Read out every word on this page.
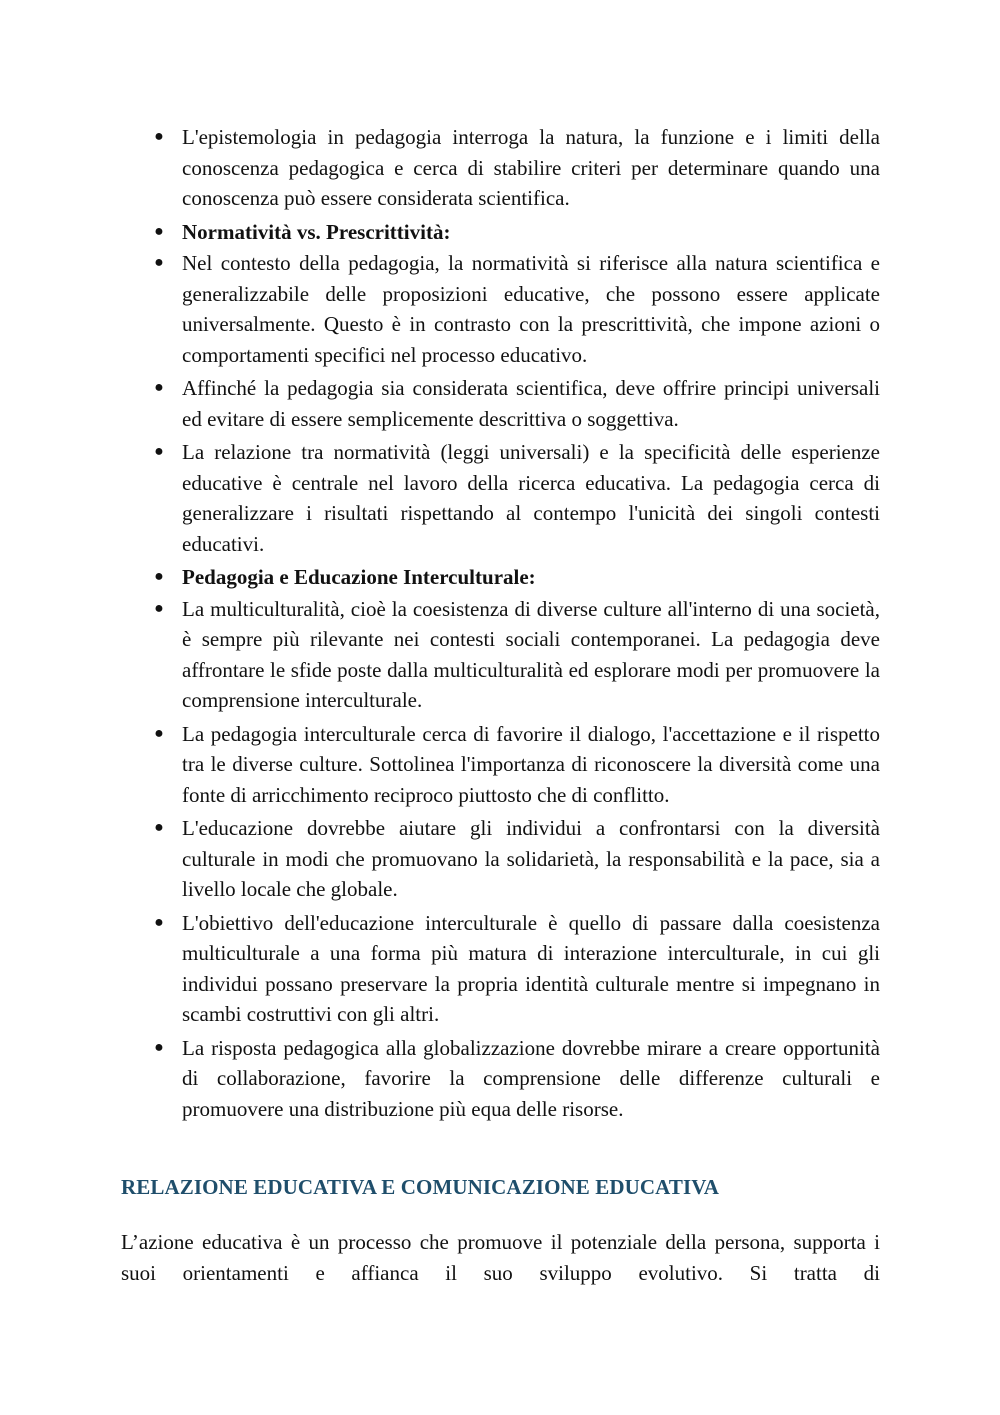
● L'epistemologia in pedagogia interroga la natura, la funzione e i limiti della conoscenza pedagogica e cerca di stabilire criteri per determinare quando una conoscenza può essere considerata scientifica.
● Normatività vs. Prescrittività:
● Nel contesto della pedagogia, la normatività si riferisce alla natura scientifica e generalizzabile delle proposizioni educative, che possono essere applicate universalmente. Questo è in contrasto con la prescrittività, che impone azioni o comportamenti specifici nel processo educativo.
● Affinché la pedagogia sia considerata scientifica, deve offrire principi universali ed evitare di essere semplicemente descrittiva o soggettiva.
● La relazione tra normatività (leggi universali) e la specificità delle esperienze educative è centrale nel lavoro della ricerca educativa. La pedagogia cerca di generalizzare i risultati rispettando al contempo l'unicità dei singoli contesti educativi.
● Pedagogia e Educazione Interculturale:
● La multiculturalità, cioè la coesistenza di diverse culture all'interno di una società, è sempre più rilevante nei contesti sociali contemporanei. La pedagogia deve affrontare le sfide poste dalla multiculturalità ed esplorare modi per promuovere la comprensione interculturale.
● La pedagogia interculturale cerca di favorire il dialogo, l'accettazione e il rispetto tra le diverse culture. Sottolinea l'importanza di riconoscere la diversità come una fonte di arricchimento reciproco piuttosto che di conflitto.
● L'educazione dovrebbe aiutare gli individui a confrontarsi con la diversità culturale in modi che promuovano la solidarietà, la responsabilità e la pace, sia a livello locale che globale.
● L'obiettivo dell'educazione interculturale è quello di passare dalla coesistenza multiculturale a una forma più matura di interazione interculturale, in cui gli individui possano preservare la propria identità culturale mentre si impegnano in scambi costruttivi con gli altri.
● La risposta pedagogica alla globalizzazione dovrebbe mirare a creare opportunità di collaborazione, favorire la comprensione delle differenze culturali e promuovere una distribuzione più equa delle risorse.
RELAZIONE EDUCATIVA E COMUNICAZIONE EDUCATIVA

L’azione educativa è un processo che promuove il potenziale della persona, supporta i suoi orientamenti e affianca il suo sviluppo evolutivo. Si tratta di
